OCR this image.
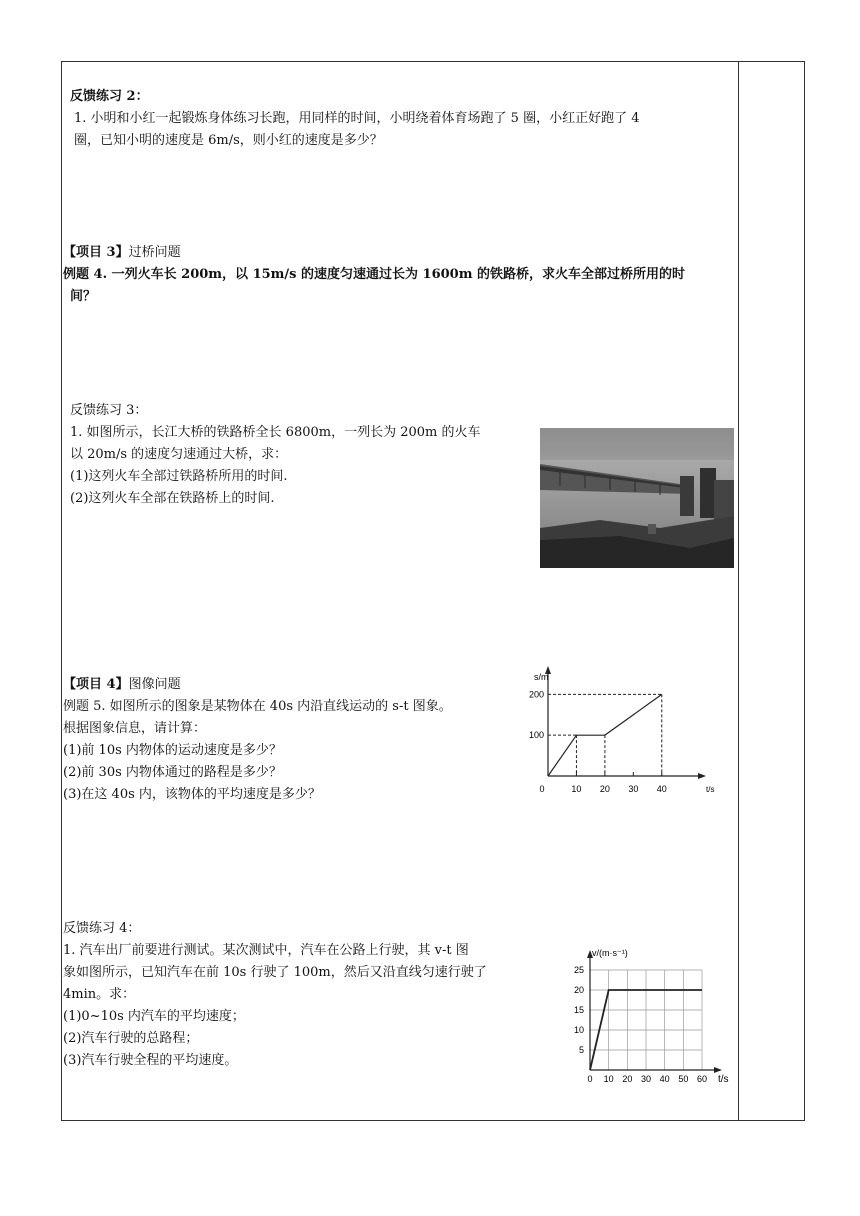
反馈练习 2：
1. 小明和小红一起锻炼身体练习长跑，用同样的时间，小明绕着体育场跑了 5 圈，小红正好跑了 4
圈，已知小明的速度是 6m/s，则小红的速度是多少？
【项目 3】过桥问题
例题 4. 一列火车长 200m，以 15m/s 的速度匀速通过长为 1600m 的铁路桥，求火车全部过桥所用的时
间？
反馈练习 3：
1. 如图所示，长江大桥的铁路桥全长 6800m，一列长为 200m 的火车
以 20m/s 的速度匀速通过大桥，求：
(1)这列火车全部过铁路桥所用的时间.
(2)这列火车全部在铁路桥上的时间.
【项目 4】图像问题
例题 5. 如图所示的图象是某物体在 40s 内沿直线运动的 s-t 图象。
根据图象信息，请计算：
(1)前 10s 内物体的运动速度是多少？
(2)前 30s 内物体通过的路程是多少？
(3)在这 40s 内，该物体的平均速度是多少？
s/m
t/s
0	10 20 30 40
100
200
反馈练习 4：
1. 汽车出厂前要进行测试。某次测试中，汽车在公路上行驶，其 v-t 图
象如图所示，已知汽车在前 10s 行驶了 100m，然后又沿直线匀速行驶了
4min。求：
(1)0~10s 内汽车的平均速度；
(2)汽车行驶的总路程；
(3)汽车行驶全程的平均速度。
v/(m·s⁻¹)
t/s
0 10 20 30 40 50 60
5
10
15
20
25
